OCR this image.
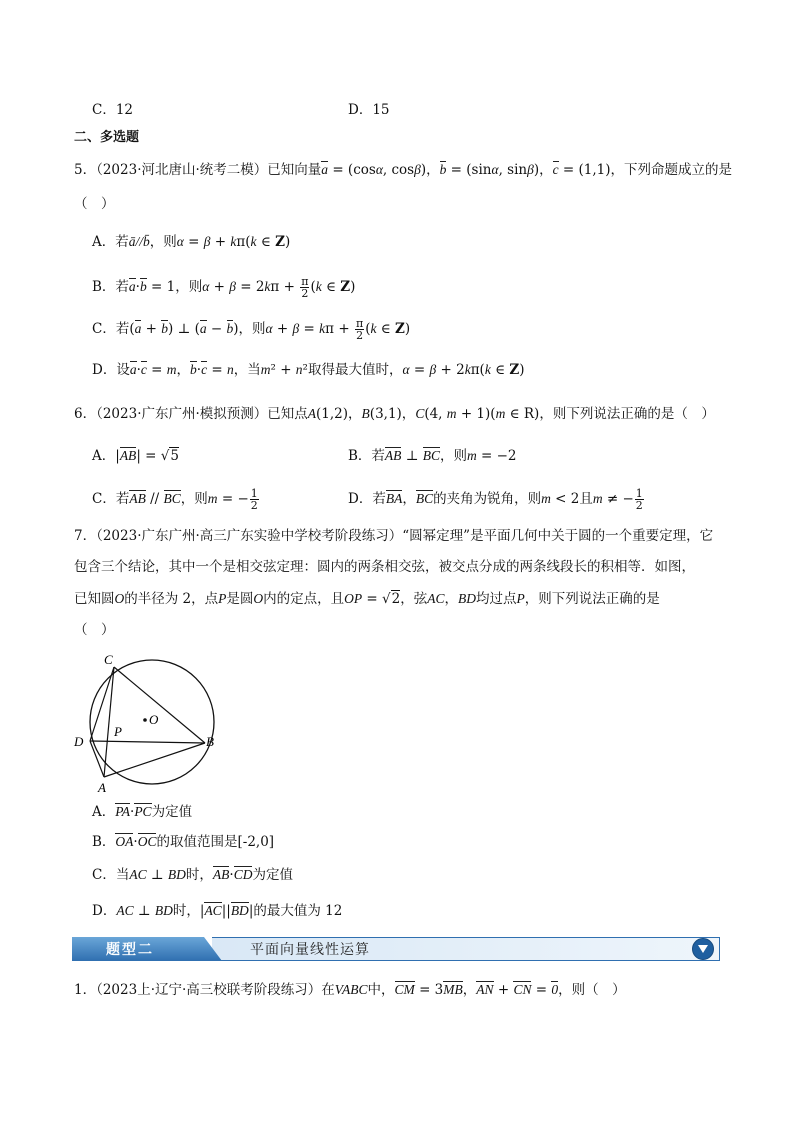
C．12	D．15
二、多选题
5．（2023·河北唐山·统考二模）已知向量a = (cosα, cosβ)，b = (sinα, sinβ)，c = (1,1)，下列命题成立的是
（　）
A．若ā//b̄，则α = β + kπ(k ∈ Z)
B．若a·b = 1，则$\alpha + \beta = 2k\pi + \frac{\pi}{2} (k$ ∈ Z)
C．若(a + b) ⊥ (a − b)，则$\alpha + \beta = k\pi + \frac{\pi}{2} (k$ ∈ Z)
D．设a·c = m，b·c = n，当m² + n²取得最大值时，α = β + 2kπ(k ∈ Z)
6．（2023·广东广州·模拟预测）已知点A(1,2)，B(3,1)，C(4, m + 1)(m ∈ R)，则下列说法正确的是（　）
A．|AB| = √5	B．若AB ⊥ BC，则m = −2
C．若AB // BC，则m = − $\frac{1}{2}$	D．若BA，BC的夹角为锐角，则m < 2且m ≠ − $\frac{1}{2}$
7．（2023·广东广州·高三广东实验中学校考阶段练习）“圆幂定理”是平面几何中关于圆的一个重要定理，它
包含三个结论，其中一个是相交弦定理：圆内的两条相交弦，被交点分成的两条线段长的积相等．如图，
已知圆O的半径为 2，点P是圆O内的定点，且OP = √2，弦AC，BD均过点P，则下列说法正确的是
（　）
C
D
P
O
B
A
A．PA·PC为定值
B．OA·OC的取值范围是[-2,0]
C．当AC ⊥ BD时，AB·CD为定值
D．AC ⊥ BD时，|AC||BD|的最大值为 12
题型二	平面向量线性运算
1．（2023上·辽宁·高三校联考阶段练习）在VABC中，CM = 3MB，AN + CN = 0，则（　）
